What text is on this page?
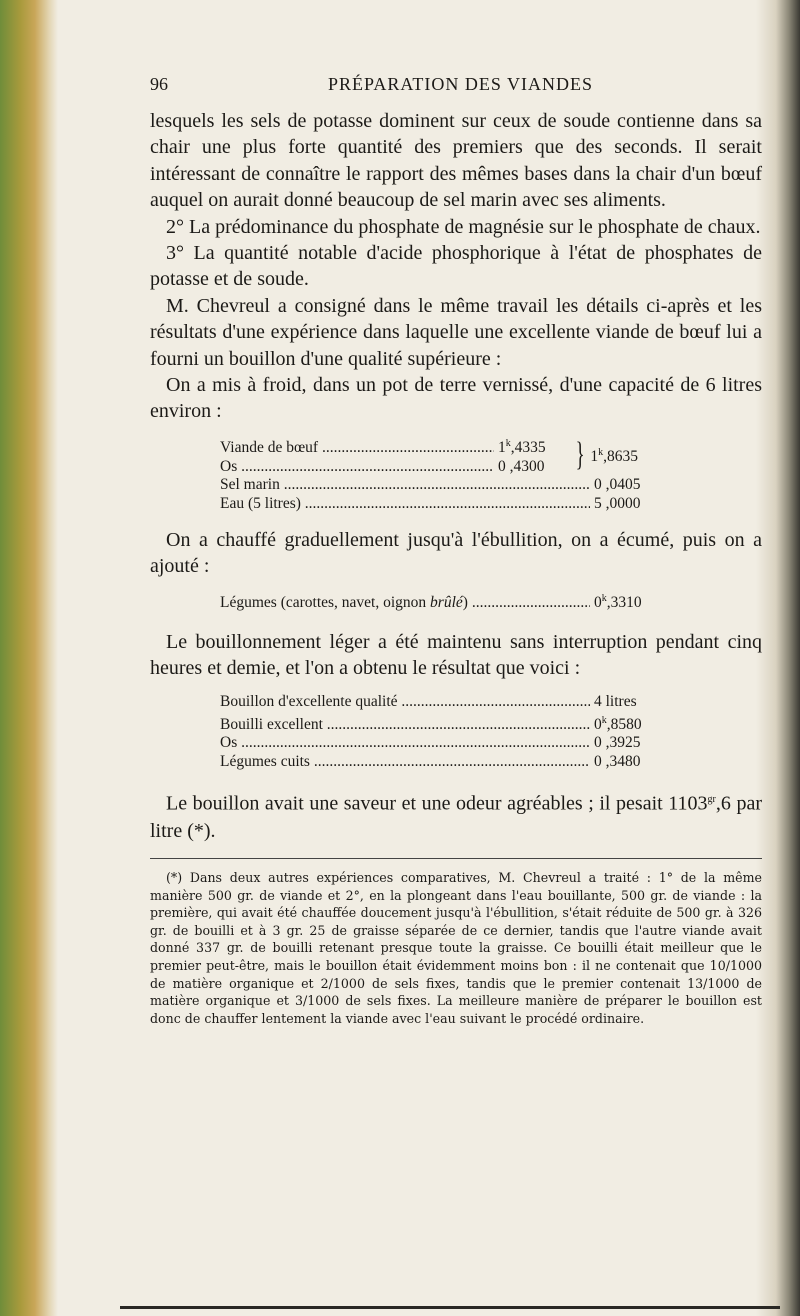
96	PRÉPARATION DES VIANDES

lesquels les sels de potasse dominent sur ceux de soude contienne dans sa chair une plus forte quantité des premiers que des seconds. Il serait intéressant de connaître le rapport des mêmes bases dans la chair d'un bœuf auquel on aurait donné beaucoup de sel marin avec ses aliments.

2° La prédominance du phosphate de magnésie sur le phosphate de chaux.

3° La quantité notable d'acide phosphorique à l'état de phosphates de potasse et de soude.

M. Chevreul a consigné dans le même travail les détails ci-après et les résultats d'une expérience dans laquelle une excellente viande de bœuf lui a fourni un bouillon d'une qualité supérieure :

On a mis à froid, dans un pot de terre vernissé, d'une capacité de 6 litres environ :

Viande de bœuf .....	1$^k$,4335
Os .....	0 ,4300 } 1$^k$,8635
Sel marin .....	0 ,0405
Eau (5 litres) .....	5 ,0000

On a chauffé graduellement jusqu'à l'ébullition, on a écumé, puis on a ajouté :

Légumes (carottes, navet, oignon brûlé) .....	0$^k$,3310

Le bouillonnement léger a été maintenu sans interruption pendant cinq heures et demie, et l'on a obtenu le résultat que voici :

Bouillon d'excellente qualité .....	4 litres
Bouilli excellent .....	0$^k$,8580
Os .....	0 ,3925
Légumes cuits .....	0 ,3480

Le bouillon avait une saveur et une odeur agréables ; il pesait $1103^{gr},6$ par litre (*).

(*) Dans deux autres expériences comparatives, M. Chevreul a traité : 1° de la même manière 500 gr. de viande et 2°, en la plongeant dans l'eau bouillante, 500 gr. de viande : la première, qui avait été chauffée doucement jusqu'à l'ébullition, s'était réduite de 500 gr. à 326 gr. de bouilli et à 3 gr. 25 de graisse séparée de ce dernier, tandis que l'autre viande avait donné 337 gr. de bouilli retenant presque toute la graisse. Ce bouilli était meilleur que le premier peut-être, mais le bouillon était évidemment moins bon : il ne contenait que 10/1000 de matière organique et 2/1000 de sels fixes, tandis que le premier contenait 13/1000 de matière organique et 3/1000 de sels fixes. La meilleure manière de préparer le bouillon est donc de chauffer lentement la viande avec l'eau suivant le procédé ordinaire.
